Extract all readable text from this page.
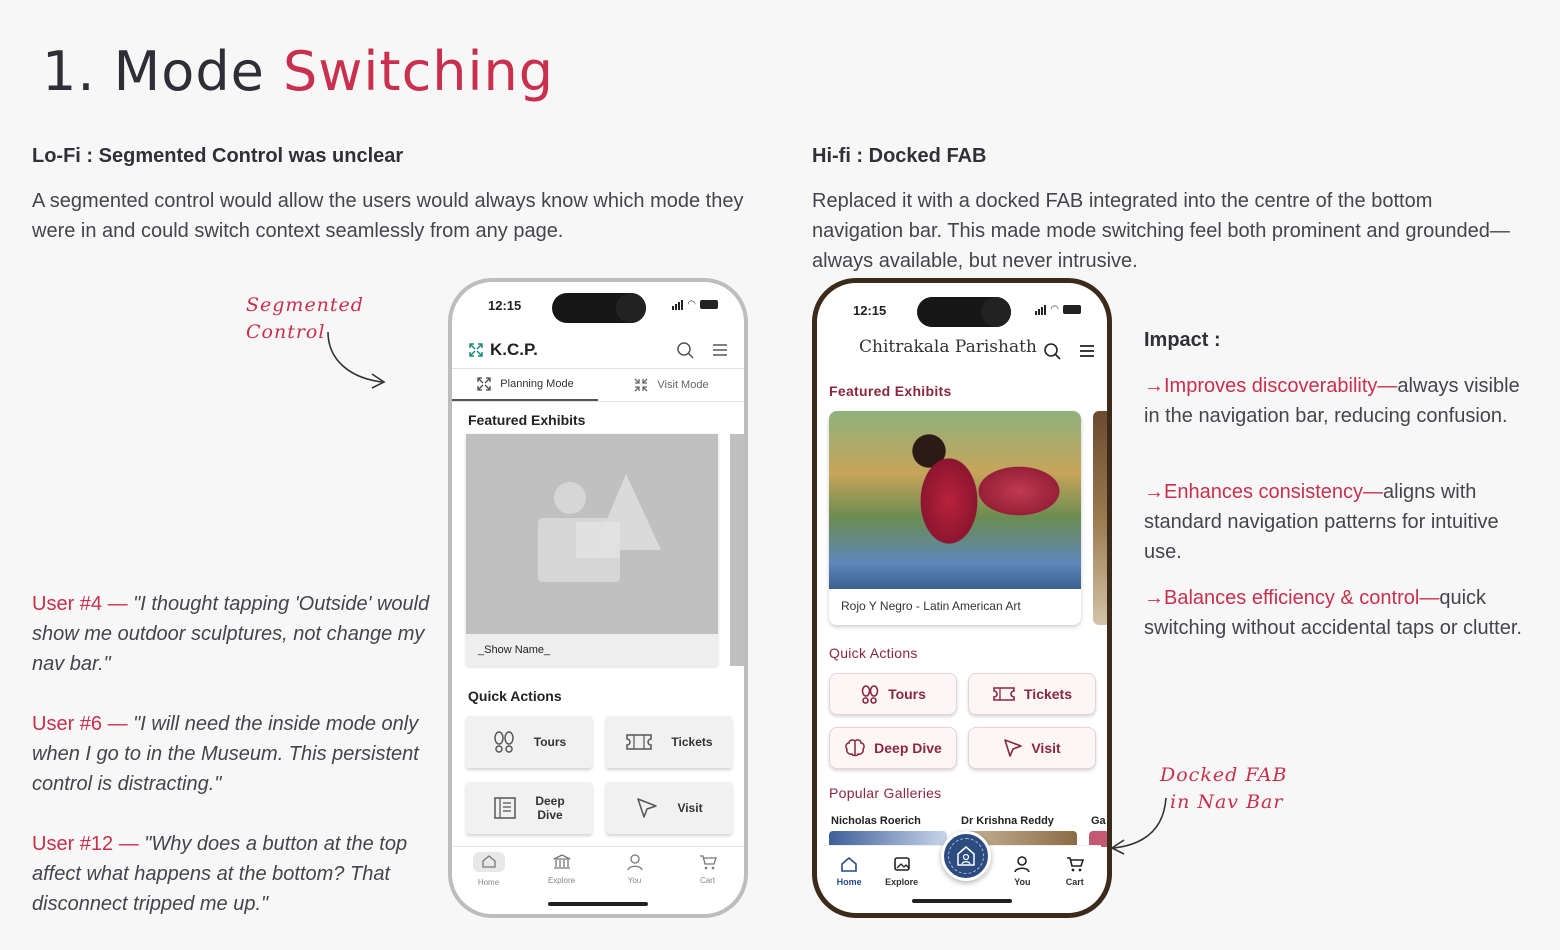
1. Mode Switching
Lo-Fi : Segmented Control was unclear
A segmented control would allow the users would always know which mode they were in and could switch context seamlessly from any page.
Segmented
Control
User #4 — "I thought tapping 'Outside' would show me outdoor sculptures, not change my nav bar."
User #6 — "I will need the inside mode only when I go to in the Museum. This persistent control is distracting."
User #12 — "Why does a button at the top affect what happens at the bottom? That disconnect tripped me up."
12:15	◠
K.C.P.
Planning Mode	Visit Mode
Featured Exhibits
_Show Name_
Quick Actions
Tours	Tickets
Deep
Dive	Visit
Home	Explore	You	Cart
Hi-fi : Docked FAB
Replaced it with a docked FAB integrated into the centre of the bottom navigation bar. This made mode switching feel both prominent and grounded—always available, but never intrusive.
12:15	◠
Chitrakala Parishath
Featured Exhibits
Rojo Y Negro - Latin American Art
Quick Actions
Tours	Tickets
Deep Dive	Visit
Popular Galleries
Nicholas Roerich	Dr Krishna Reddy	Ga
Home	Explore	You	Cart
Docked FAB
in Nav Bar
Impact :
→Improves discoverability—always visible in the navigation bar, reducing confusion.
→Enhances consistency—aligns with standard navigation patterns for intuitive use.
→Balances efficiency & control—quick switching without accidental taps or clutter.
